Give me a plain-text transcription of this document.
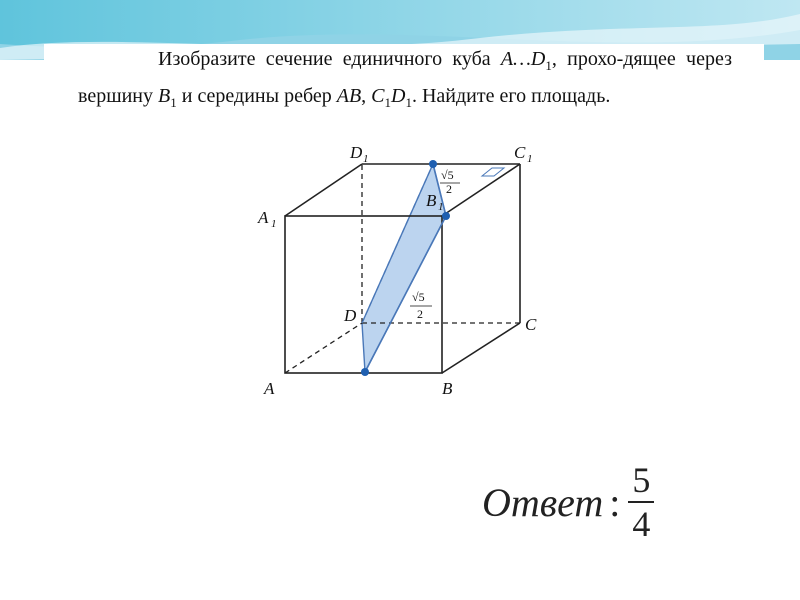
Изобразите сечение единичного куба $A\dots D_1$, прохо-дящее через вершину $B_1$ и середины ребер AB, $C_1D_1$. Найдите его площадь.
A	B
C
D
A 1
B 1
C 1
D 1
√5
2
√5
2
Ответ : 5
4
